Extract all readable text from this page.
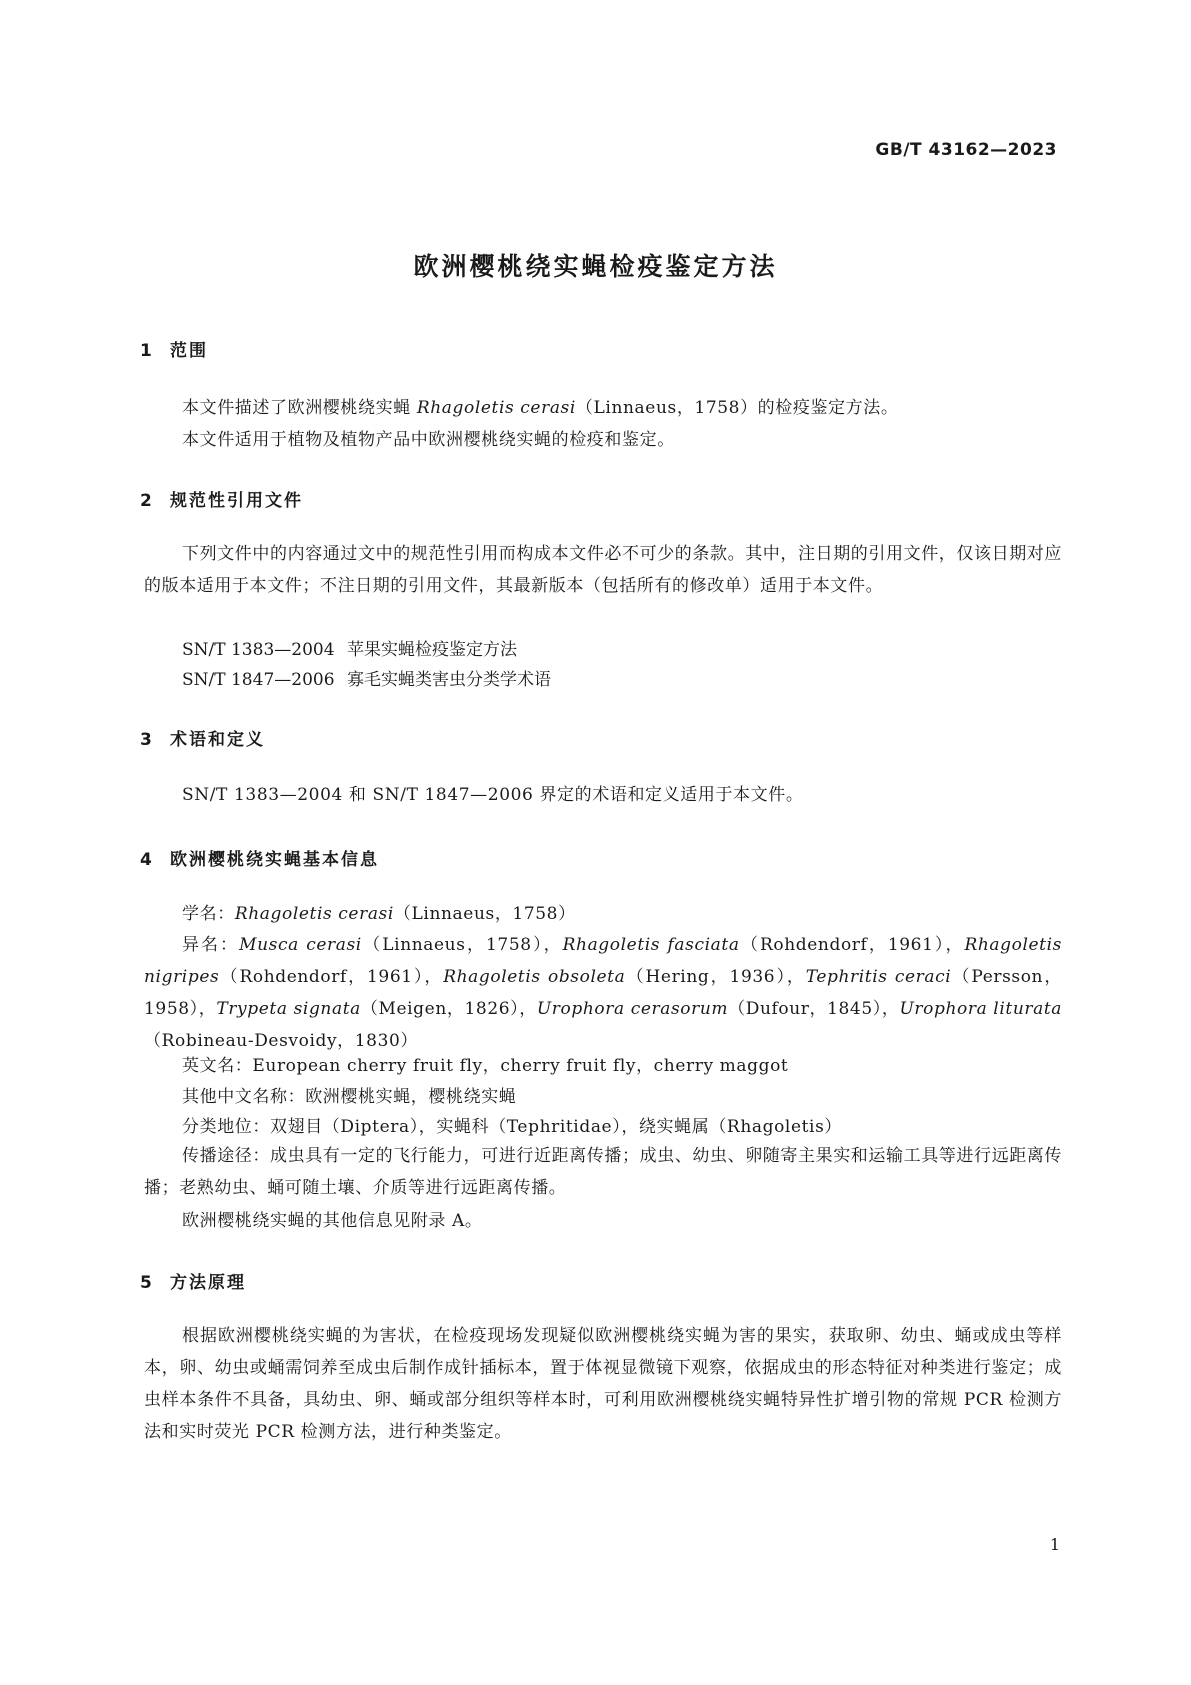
GB/T 43162—2023
欧洲樱桃绕实蝇检疫鉴定方法
1 范围

本文件描述了欧洲樱桃绕实蝇 Rhagoletis cerasi（Linnaeus，1758）的检疫鉴定方法。

本文件适用于植物及植物产品中欧洲樱桃绕实蝇的检疫和鉴定。

2 规范性引用文件

下列文件中的内容通过文中的规范性引用而构成本文件必不可少的条款。其中，注日期的引用文件，仅该日期对应的版本适用于本文件；不注日期的引用文件，其最新版本（包括所有的修改单）适用于本文件。

SN/T 1383—2004 苹果实蝇检疫鉴定方法
SN/T 1847—2006 寡毛实蝇类害虫分类学术语
3 术语和定义

SN/T 1383—2004 和 SN/T 1847—2006 界定的术语和定义适用于本文件。

4 欧洲樱桃绕实蝇基本信息

学名：Rhagoletis cerasi（Linnaeus，1758）

异名：Musca cerasi（Linnaeus，1758），Rhagoletis fasciata（Rohdendorf，1961），Rhagoletis nigripes（Rohdendorf，1961），Rhagoletis obsoleta（Hering，1936），Tephritis ceraci（Persson，1958），Trypeta signata（Meigen，1826），Urophora cerasorum（Dufour，1845），Urophora liturata（Robineau-Desvoidy，1830）

英文名：European cherry fruit fly，cherry fruit fly，cherry maggot

其他中文名称：欧洲樱桃实蝇，樱桃绕实蝇

分类地位：双翅目（Diptera），实蝇科（Tephritidae），绕实蝇属（Rhagoletis）

传播途径：成虫具有一定的飞行能力，可进行近距离传播；成虫、幼虫、卵随寄主果实和运输工具等进行远距离传播；老熟幼虫、蛹可随土壤、介质等进行远距离传播。

欧洲樱桃绕实蝇的其他信息见附录 A。

5 方法原理

根据欧洲樱桃绕实蝇的为害状，在检疫现场发现疑似欧洲樱桃绕实蝇为害的果实，获取卵、幼虫、蛹或成虫等样本，卵、幼虫或蛹需饲养至成虫后制作成针插标本，置于体视显微镜下观察，依据成虫的形态特征对种类进行鉴定；成虫样本条件不具备，具幼虫、卵、蛹或部分组织等样本时，可利用欧洲樱桃绕实蝇特异性扩增引物的常规 PCR 检测方法和实时荧光 PCR 检测方法，进行种类鉴定。

1
